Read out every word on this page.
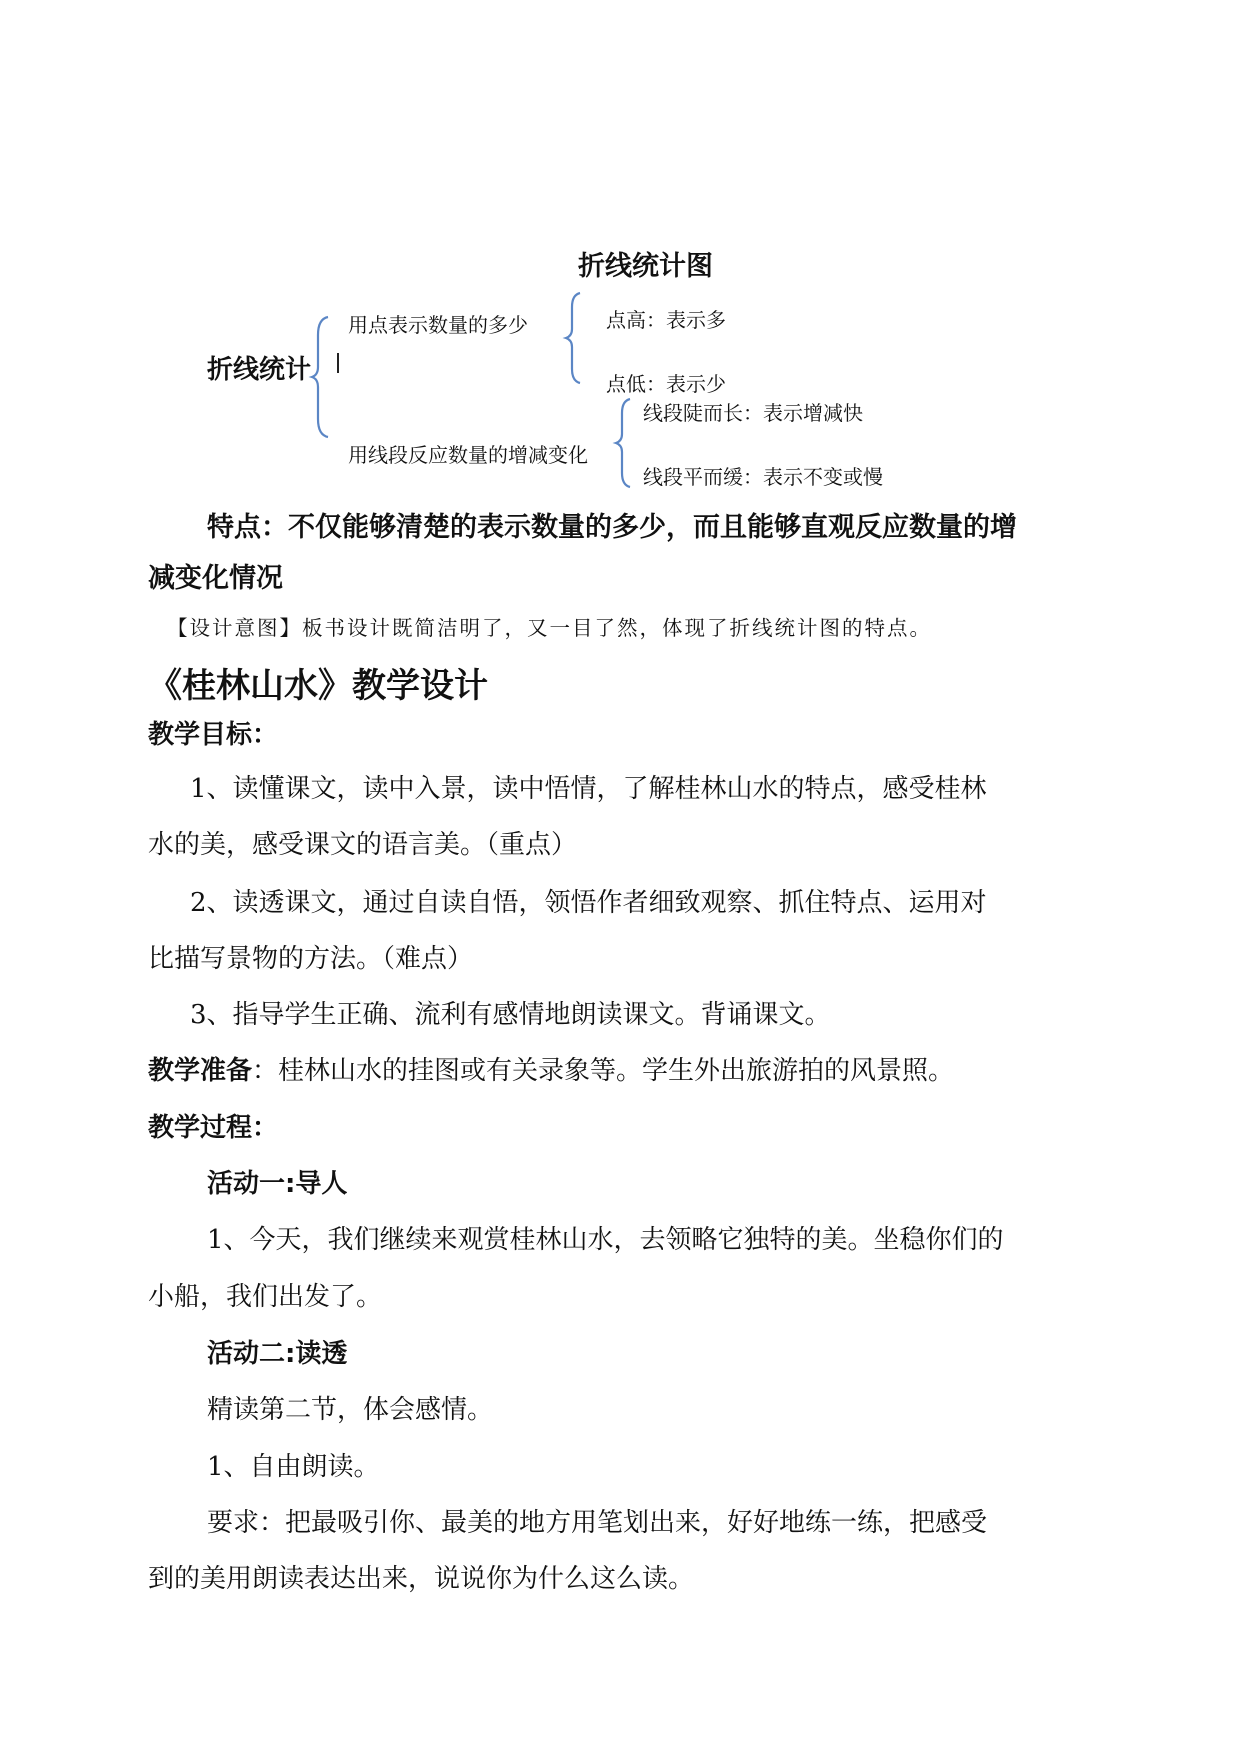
折线统计图
折线统计
用点表示数量的多少
用线段反应数量的增减变化
点高：表示多
点低：表示少
线段陡而长：表示增减快
线段平而缓：表示不变或慢
特点：不仅能够清楚的表示数量的多少，而且能够直观反应数量的增
减变化情况
【设计意图】板书设计既简洁明了，又一目了然，体现了折线统计图的特点。
《桂林山水》教学设计
教学目标：
1、读懂课文，读中入景，读中悟情，了解桂林山水的特点，感受桂林
水的美，感受课文的语言美。（重点）
2、读透课文，通过自读自悟，领悟作者细致观察、抓住特点、运用对
比描写景物的方法。（难点）
3、指导学生正确、流利有感情地朗读课文。背诵课文。
教学准备：桂林山水的挂图或有关录象等。学生外出旅游拍的风景照。
教学过程：
活动一:导人
1、今天，我们继续来观赏桂林山水，去领略它独特的美。坐稳你们的
小船，我们出发了。
活动二:读透
精读第二节，体会感情。
1、自由朗读。
要求：把最吸引你、最美的地方用笔划出来，好好地练一练，把感受
到的美用朗读表达出来，说说你为什么这么读。
